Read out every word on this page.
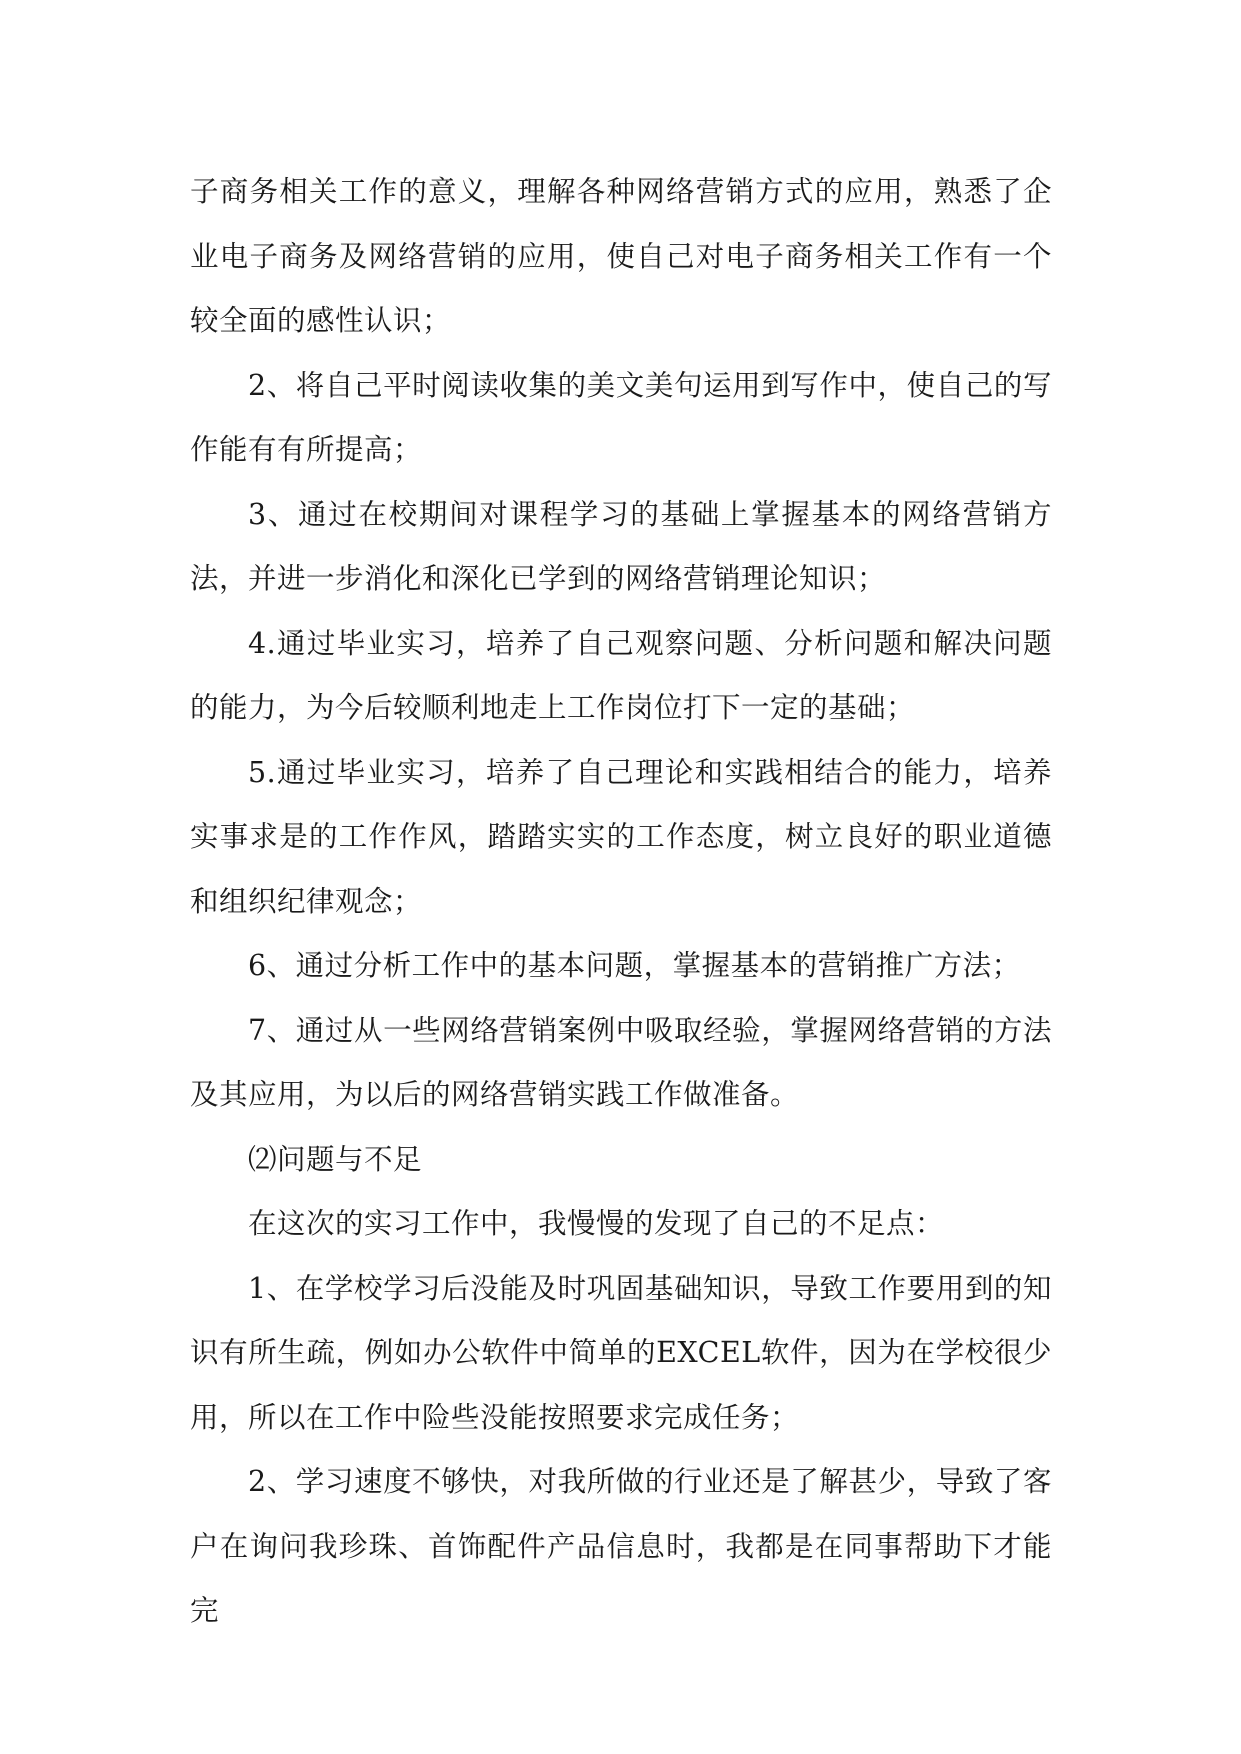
子商务相关工作的意义，理解各种网络营销方式的应用，熟悉了企业电子商务及网络营销的应用，使自己对电子商务相关工作有一个较全面的感性认识；

2、将自己平时阅读收集的美文美句运用到写作中，使自己的写作能有有所提高；

3、通过在校期间对课程学习的基础上掌握基本的网络营销方法，并进一步消化和深化已学到的网络营销理论知识；

4.通过毕业实习，培养了自己观察问题、分析问题和解决问题的能力，为今后较顺利地走上工作岗位打下一定的基础；

5.通过毕业实习，培养了自己理论和实践相结合的能力，培养实事求是的工作作风，踏踏实实的工作态度，树立良好的职业道德和组织纪律观念；

6、通过分析工作中的基本问题，掌握基本的营销推广方法；

7、通过从一些网络营销案例中吸取经验，掌握网络营销的方法及其应用，为以后的网络营销实践工作做准备。

⑵问题与不足

在这次的实习工作中，我慢慢的发现了自己的不足点：

1、在学校学习后没能及时巩固基础知识，导致工作要用到的知识有所生疏，例如办公软件中简单的EXCEL软件，因为在学校很少用，所以在工作中险些没能按照要求完成任务；

2、学习速度不够快，对我所做的行业还是了解甚少，导致了客户在询问我珍珠、首饰配件产品信息时，我都是在同事帮助下才能完
